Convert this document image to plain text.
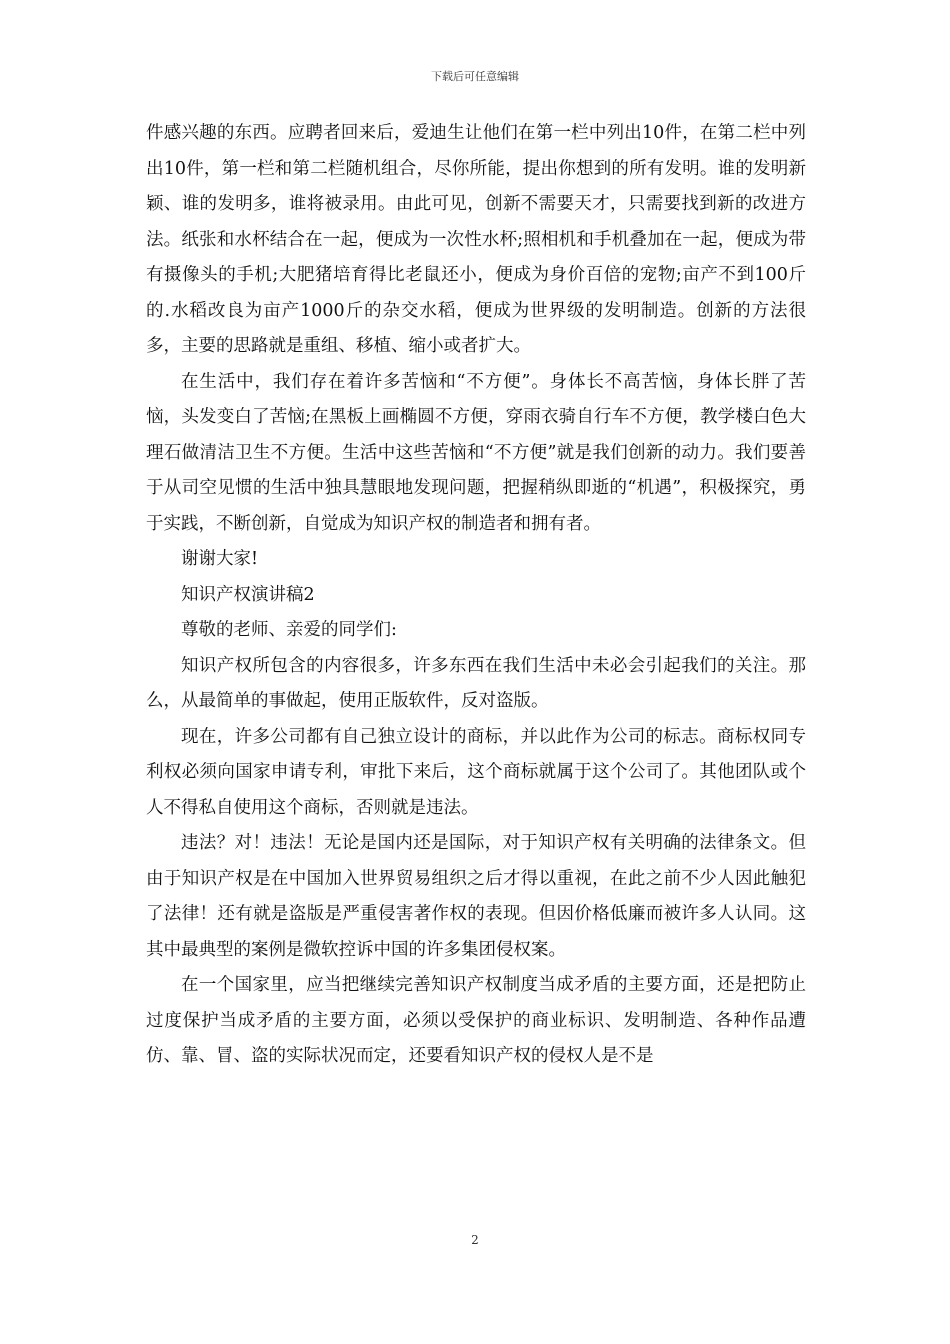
下载后可任意编辑

件感兴趣的东西。应聘者回来后，爱迪生让他们在第一栏中列出10件，在第二栏中列出10件，第一栏和第二栏随机组合，尽你所能，提出你想到的所有发明。谁的发明新颖、谁的发明多，谁将被录用。由此可见，创新不需要天才，只需要找到新的改进方法。纸张和水杯结合在一起，便成为一次性水杯;照相机和手机叠加在一起，便成为带有摄像头的手机;大肥猪培育得比老鼠还小，便成为身价百倍的宠物;亩产不到100斤的.水稻改良为亩产1000斤的杂交水稻，便成为世界级的发明制造。创新的方法很多，主要的思路就是重组、移植、缩小或者扩大。

在生活中，我们存在着许多苦恼和“不方便”。身体长不高苦恼，身体长胖了苦恼，头发变白了苦恼;在黑板上画椭圆不方便，穿雨衣骑自行车不方便，教学楼白色大理石做清洁卫生不方便。生活中这些苦恼和“不方便”就是我们创新的动力。我们要善于从司空见惯的生活中独具慧眼地发现问题，把握稍纵即逝的“机遇”，积极探究，勇于实践，不断创新，自觉成为知识产权的制造者和拥有者。

谢谢大家!

知识产权演讲稿2

尊敬的老师、亲爱的同学们:

知识产权所包含的内容很多，许多东西在我们生活中未必会引起我们的关注。那么，从最简单的事做起，使用正版软件，反对盗版。

现在，许多公司都有自己独立设计的商标，并以此作为公司的标志。商标权同专利权必须向国家申请专利，审批下来后，这个商标就属于这个公司了。其他团队或个人不得私自使用这个商标，否则就是违法。

违法？对！违法！无论是国内还是国际，对于知识产权有关明确的法律条文。但由于知识产权是在中国加入世界贸易组织之后才得以重视，在此之前不少人因此触犯了法律！还有就是盗版是严重侵害著作权的表现。但因价格低廉而被许多人认同。这其中最典型的案例是微软控诉中国的许多集团侵权案。

在一个国家里，应当把继续完善知识产权制度当成矛盾的主要方面，还是把防止过度保护当成矛盾的主要方面，必须以受保护的商业标识、发明制造、各种作品遭仿、靠、冒、盗的实际状况而定，还要看知识产权的侵权人是不是

2
